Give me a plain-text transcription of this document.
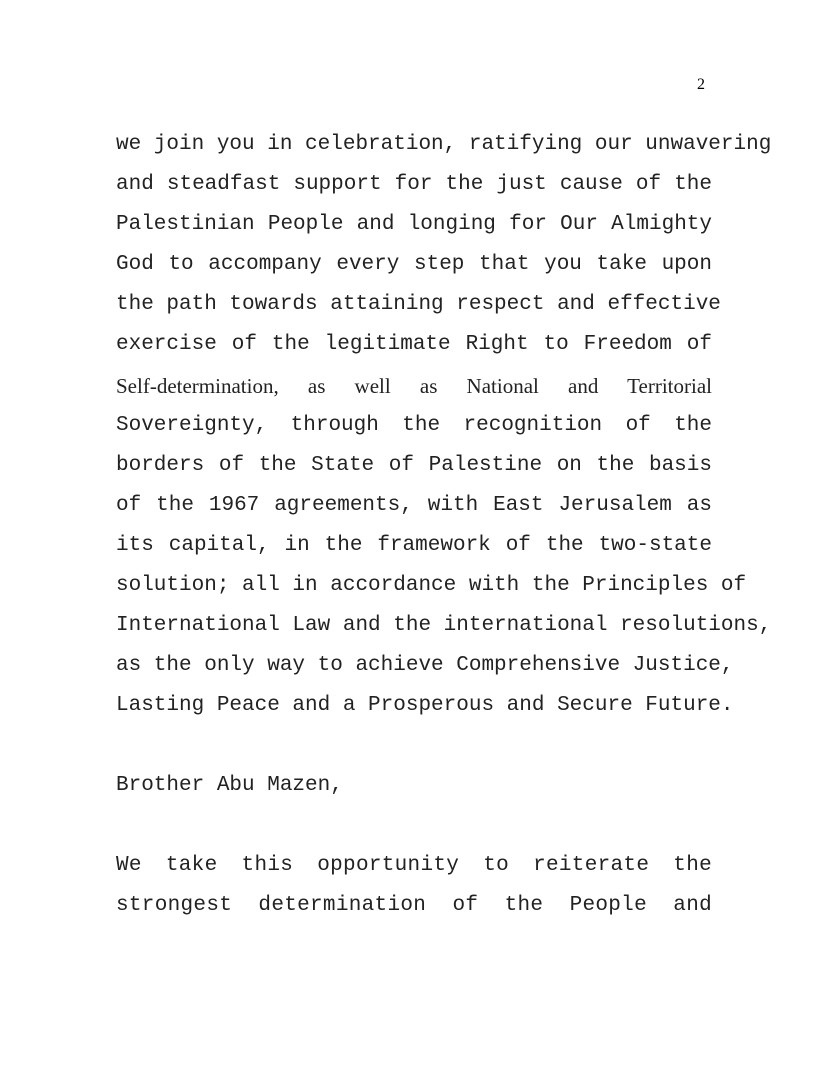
2
we join you in celebration, ratifying our unwavering
and steadfast support for the just cause of the
Palestinian People and longing for Our Almighty
God to accompany every step that you take upon
the path towards attaining respect and effective
exercise of the legitimate Right to Freedom of
Self-determination, as well as National and Territorial
Sovereignty, through the recognition of the
borders of the State of Palestine on the basis
of the 1967 agreements, with East Jerusalem as
its capital, in the framework of the two-state
solution; all in accordance with the Principles of
International Law and the international resolutions,
as the only way to achieve Comprehensive Justice,
Lasting Peace and a Prosperous and Secure Future.
Brother Abu Mazen,
We take this opportunity to reiterate the
strongest determination of the People and
